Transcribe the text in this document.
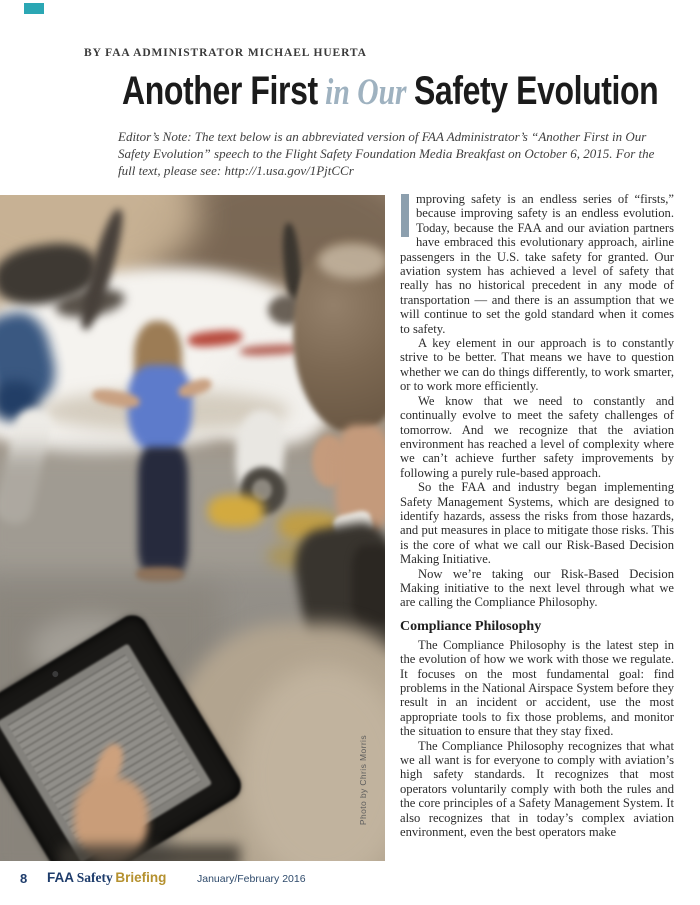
BY FAA ADMINISTRATOR MICHAEL HUERTA
Another First in Our Safety Evolution
Editor’s Note: The text below is an abbreviated version of FAA Administrator’s “Another First in Our Safety Evolution” speech to the Flight Safety Foundation Media Breakfast on October 6, 2015. For the full text, please see: http://1.usa.gov/1PjtCCr
Photo by Chris Morris

mproving safety is an endless series of “firsts,” because improving safety is an endless evolution. Today, because the FAA and our aviation partners have embraced this evolutionary approach, airline passengers in the U.S. take safety for granted. Our aviation system has achieved a level of safety that really has no historical precedent in any mode of transportation — and there is an assumption that we will continue to set the gold standard when it comes to safety.

A key element in our approach is to constantly strive to be better. That means we have to question whether we can do things differently, to work smarter, or to work more efficiently.

We know that we need to constantly and continually evolve to meet the safety challenges of tomorrow. And we recognize that the aviation environment has reached a level of complexity where we can’t achieve further safety improvements by following a purely rule-based approach.

So the FAA and industry began implementing Safety Management Systems, which are designed to identify hazards, assess the risks from those hazards, and put measures in place to mitigate those risks. This is the core of what we call our Risk-Based Decision Making Initiative.

Now we’re taking our Risk-Based Decision Making initiative to the next level through what we are calling the Compliance Philosophy.

Compliance Philosophy

The Compliance Philosophy is the latest step in the evolution of how we work with those we regulate. It focuses on the most fundamental goal: find problems in the National Airspace System before they result in an incident or accident, use the most appropriate tools to fix those problems, and monitor the situation to ensure that they stay fixed.

The Compliance Philosophy recognizes that what we all want is for everyone to comply with aviation’s high safety standards. It recognizes that most operators voluntarily comply with both the rules and the core principles of a Safety Management System. It also recognizes that in today’s complex aviation environment, even the best operators make

8 FAA  Safety  Briefing	January/February 2016
